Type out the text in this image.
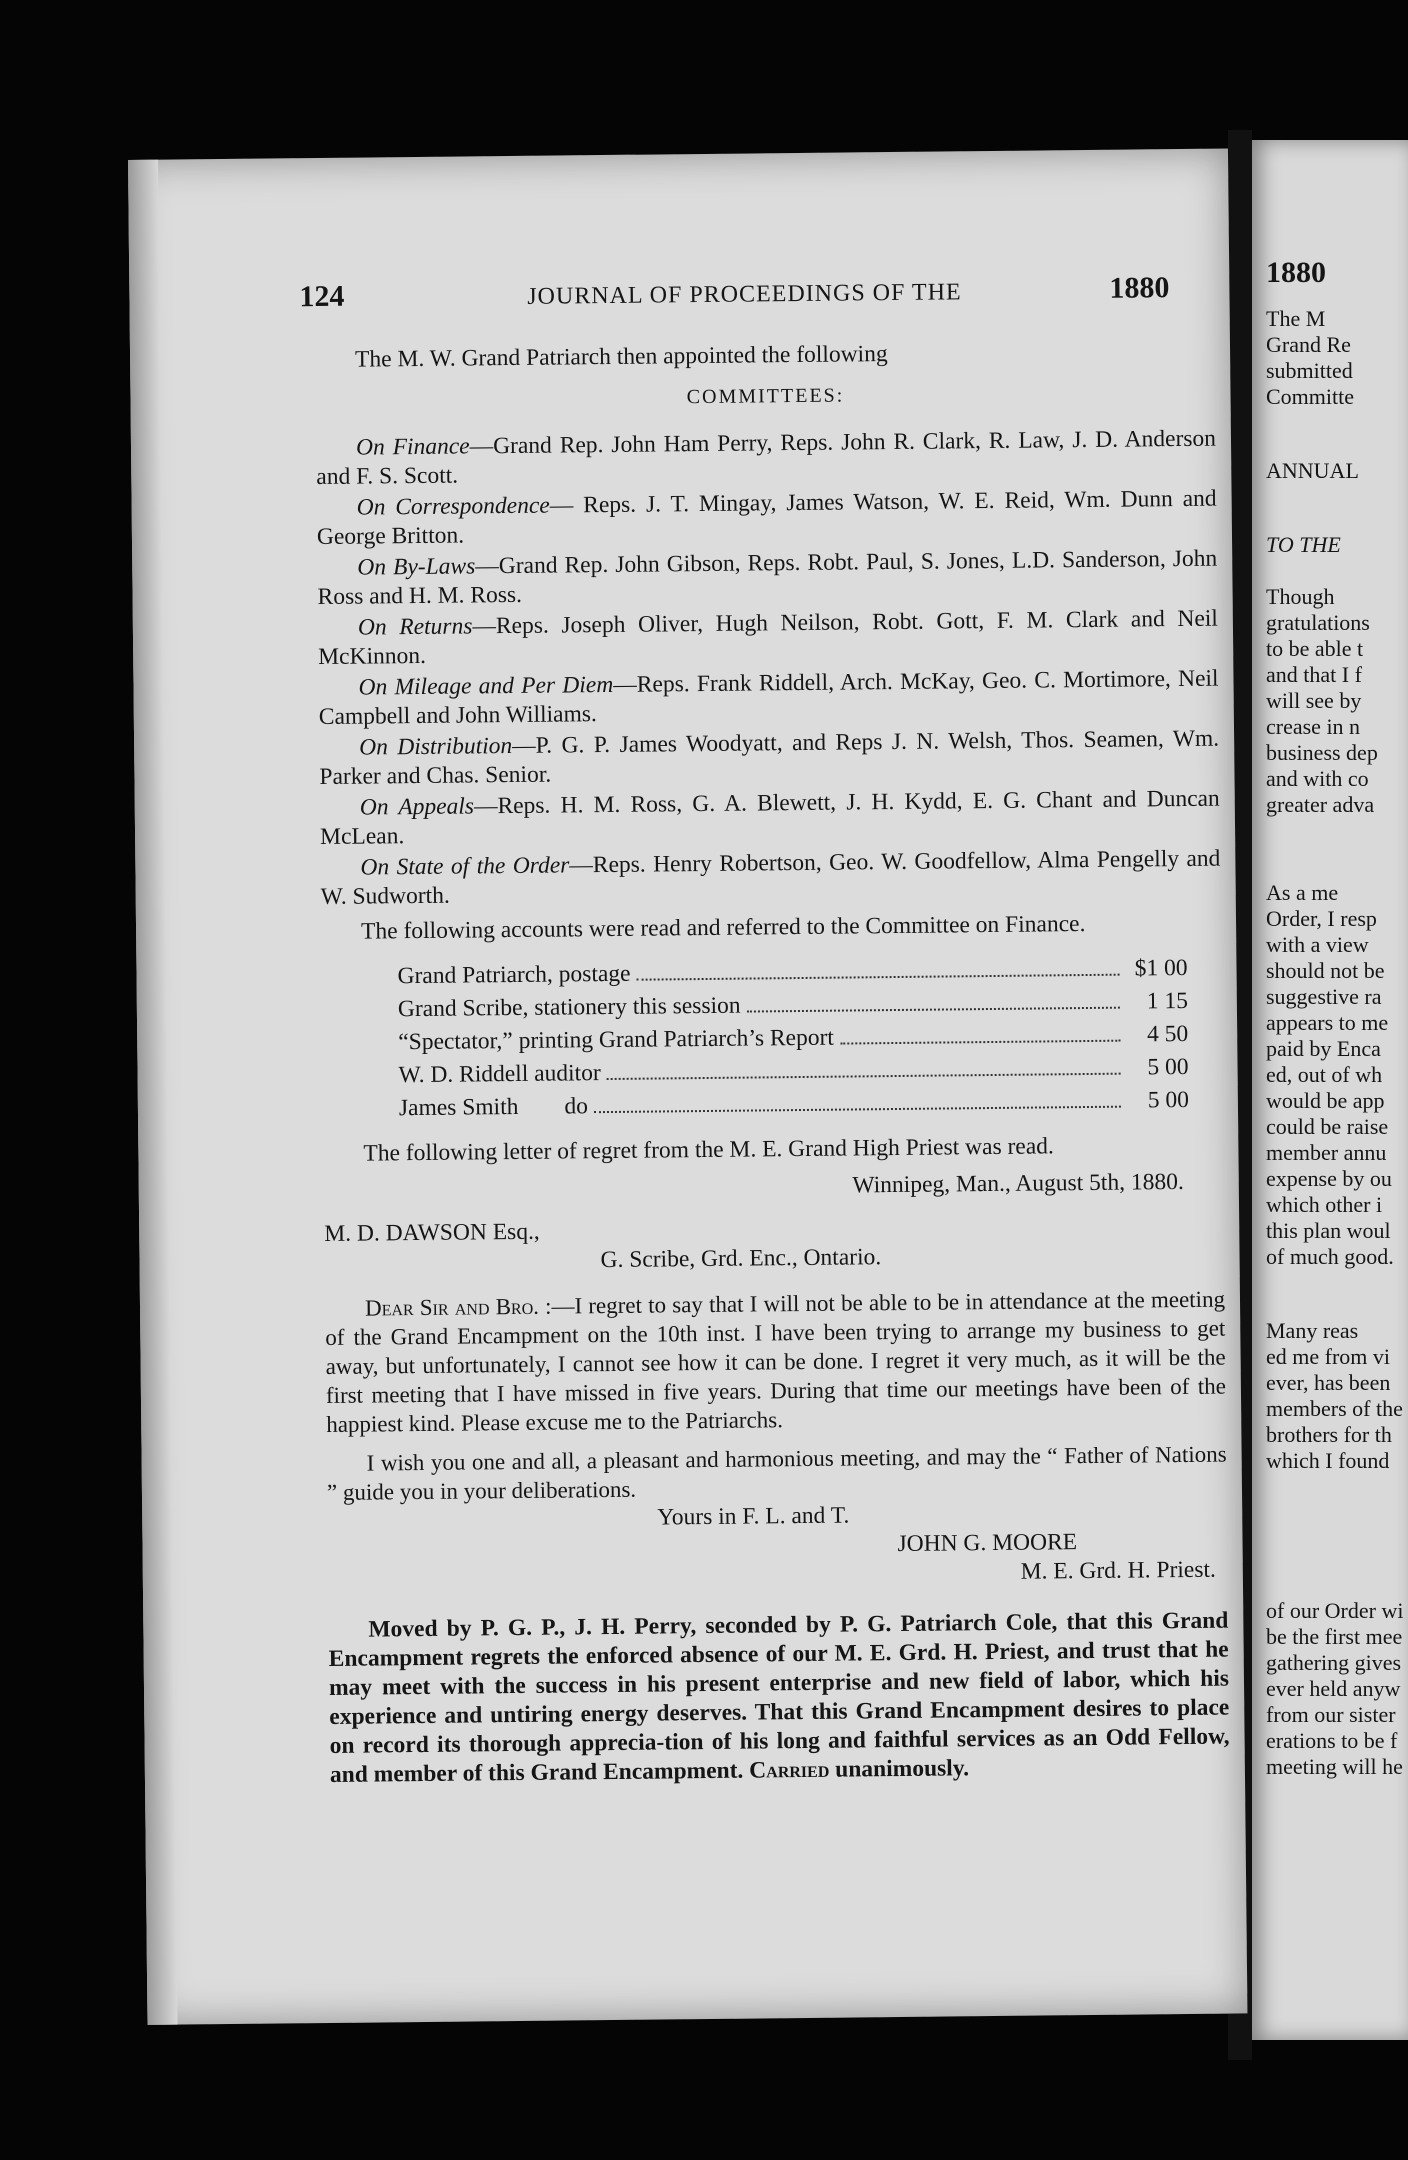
124	JOURNAL OF PROCEEDINGS OF THE	1880

The M. W. Grand Patriarch then appointed the following

COMMITTEES:

On Finance—Grand Rep. John Ham Perry, Reps. John R. Clark, R. Law, J. D. Anderson and F. S. Scott.

On Correspondence— Reps. J. T. Mingay, James Watson, W. E. Reid, Wm. Dunn and George Britton.

On By-Laws—Grand Rep. John Gibson, Reps. Robt. Paul, S. Jones, L.D. Sanderson, John Ross and H. M. Ross.

On Returns—Reps. Joseph Oliver, Hugh Neilson, Robt. Gott, F. M. Clark and Neil McKinnon.

On Mileage and Per Diem—Reps. Frank Riddell, Arch. McKay, Geo. C. Mortimore, Neil Campbell and John Williams.

On Distribution—P. G. P. James Woodyatt, and Reps J. N. Welsh, Thos. Seamen, Wm. Parker and Chas. Senior.

On Appeals—Reps. H. M. Ross, G. A. Blewett, J. H. Kydd, E. G. Chant and Duncan McLean.

On State of the Order—Reps. Henry Robertson, Geo. W. Goodfellow, Alma Pengelly and W. Sudworth.

The following accounts were read and referred to the Committee on Finance.

Grand Patriarch, postage	$1 00
Grand Scribe, stationery this session	1 15
“Spectator,” printing Grand Patriarch’s Report	4 50
W. D. Riddell auditor	5 00
James Smith do	5 00

The following letter of regret from the M. E. Grand High Priest was read.

Winnipeg, Man., August 5th, 1880.

M. D. DAWSON Esq.,

G. Scribe, Grd. Enc., Ontario.

Dear Sir and Bro. :—I regret to say that I will not be able to be in attendance at the meeting of the Grand Encampment on the 10th inst. I have been trying to arrange my business to get away, but unfortunately, I cannot see how it can be done. I regret it very much, as it will be the first meeting that I have missed in five years. During that time our meetings have been of the happiest kind. Please excuse me to the Patriarchs.

I wish you one and all, a pleasant and harmonious meeting, and may the “ Father of Nations ” guide you in your deliberations.

Yours in F. L. and T.

JOHN G. MOORE

M. E. Grd. H. Priest.

Moved by P. G. P., J. H. Perry, seconded by P. G. Patriarch Cole, that this Grand Encampment regrets the enforced absence of our M. E. Grd. H. Priest, and trust that he may meet with the success in his present enterprise and new field of labor, which his experience and untiring energy deserves. That this Grand Encampment desires to place on record its thorough apprecia-tion of his long and faithful services as an Odd Fellow, and member of this Grand Encampment. Carried unanimously.

1880
The M
Grand Re
submitted
Committe
ANNUAL
TO THE
Though
gratulations
to be able t
and that I f
will see by
crease in n
business dep
and with co
greater adva
As a me
Order, I resp
with a view
should not be
suggestive ra
appears to me
paid by Enca
ed, out of wh
would be app
could be raise
member annu
expense by ou
which other i
this plan woul
of much good.
Many reas
ed me from vi
ever, has been
members of the
brothers for th
which I found
of our Order wi
be the first mee
gathering gives
ever held anyw
from our sister
erations to be f
meeting will he
